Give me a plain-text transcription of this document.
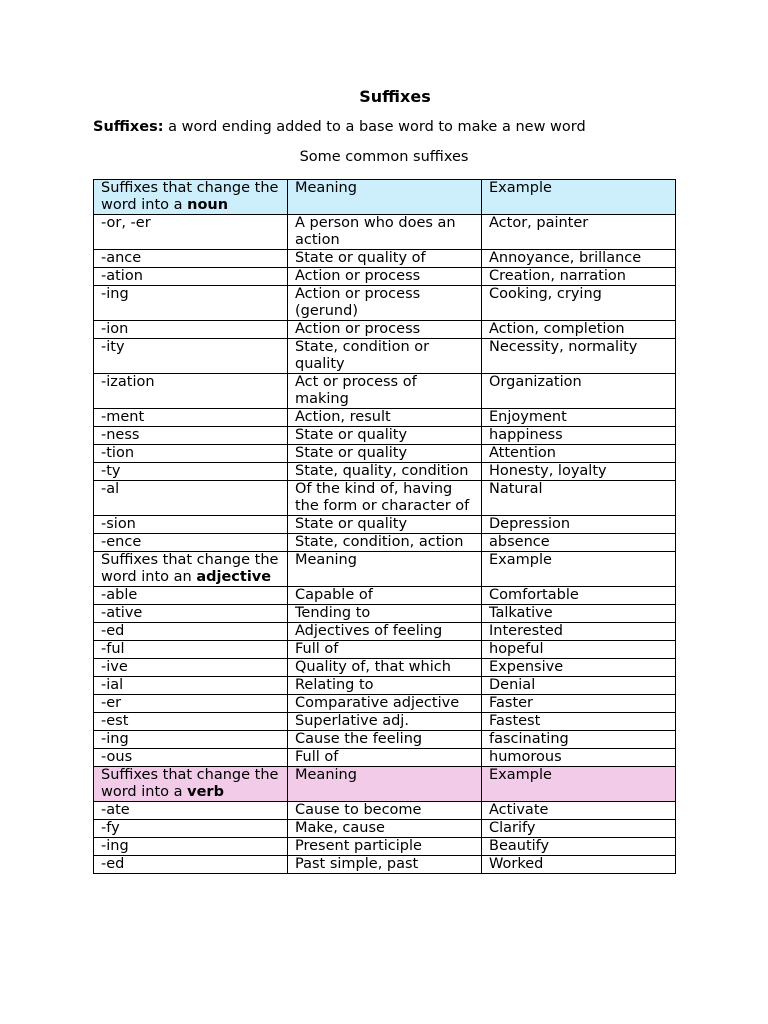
Suffixes
Suffixes: a word ending added to a base word to make a new word
Some common suffixes
Suffixes that change the word into a noun	Meaning	Example
-or, -er	A person who does an action	Actor, painter
-ance	State or quality of	Annoyance, brillance
-ation	Action or process	Creation, narration
-ing	Action or process (gerund)	Cooking, crying
-ion	Action or process	Action, completion
-ity	State, condition or quality	Necessity, normality
-ization	Act or process of making	Organization
-ment	Action, result	Enjoyment
-ness	State or quality	happiness
-tion	State or quality	Attention
-ty	State, quality, condition	Honesty, loyalty
-al	Of the kind of, having the form or character of	Natural
-sion	State or quality	Depression
-ence	State, condition, action	absence
Suffixes that change the word into an adjective	Meaning	Example
-able	Capable of	Comfortable
-ative	Tending to	Talkative
-ed	Adjectives of feeling	Interested
-ful	Full of	hopeful
-ive	Quality of, that which	Expensive
-ial	Relating to	Denial
-er	Comparative adjective	Faster
-est	Superlative adj.	Fastest
-ing	Cause the feeling	fascinating
-ous	Full of	humorous
Suffixes that change the word into a verb	Meaning	Example
-ate	Cause to become	Activate
-fy	Make, cause	Clarify
-ing	Present participle	Beautify
-ed	Past simple, past	Worked
